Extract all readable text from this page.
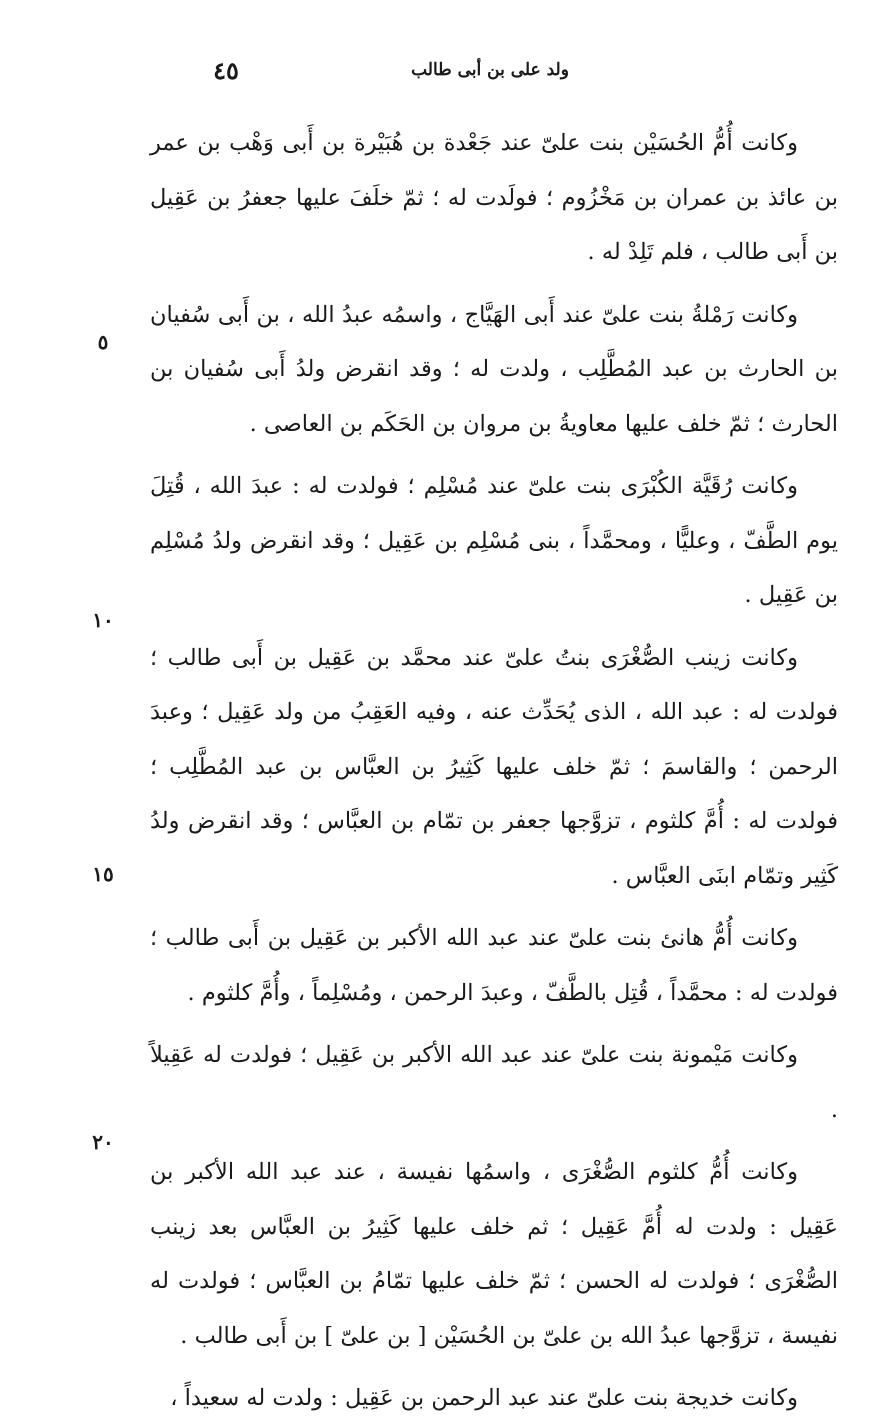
٤٥	ولد على بن أبى طالب
٥
١٠
١٥
٢٠

وكانت أُمُّ الحُسَيْن بنت علىّ عند جَعْدة بن هُبَيْرة بن أَبى وَهْب بن عمر بن عائذ بن عمران بن مَخْزُوم ؛ فولَدت له ؛ ثمّ خلَفَ عليها جعفرُ بن عَقِيل بن أَبى طالب ، فلم تَلِدْ له .

وكانت رَمْلةُ بنت علىّ عند أَبى الهَيَّاج ، واسمُه عبدُ الله ، بن أَبى سُفيان بن الحارث بن عبد المُطَّلِب ، ولدت له ؛ وقد انقرض ولدُ أَبى سُفيان بن الحارث ؛ ثمّ خلف عليها معاويةُ بن مروان بن الحَكَم بن العاصى .

وكانت رُقَيَّة الكُبْرَى بنت علىّ عند مُسْلِم ؛ فولدت له : عبدَ الله ، قُتِلَ يوم الطَّفّ ، وعليًّا ، ومحمَّداً ، بنى مُسْلِم بن عَقِيل ؛ وقد انقرض ولدُ مُسْلِم بن عَقِيل .

وكانت زينب الصُّغْرَى بنتُ علىّ عند محمَّد بن عَقِيل بن أَبى طالب ؛ فولدت له : عبد الله ، الذى يُحَدِّث عنه ، وفيه العَقِبُ من ولد عَقِيل ؛ وعبدَ الرحمن ؛ والقاسمَ ؛ ثمّ خلف عليها كَثِيرُ بن العبَّاس بن عبد المُطَّلِب ؛ فولدت له : أُمَّ كلثوم ، تزوَّجها جعفر بن تمّام بن العبَّاس ؛ وقد انقرض ولدُ كَثِير وتمّام ابنَى العبَّاس .

وكانت أُمُّ هانئ بنت علىّ عند عبد الله الأكبر بن عَقِيل بن أَبى طالب ؛ فولدت له : محمَّداً ، قُتِل بالطَّفّ ، وعبدَ الرحمن ، ومُسْلِماً ، وأُمَّ كلثوم .

وكانت مَيْمونة بنت علىّ عند عبد الله الأكبر بن عَقِيل ؛ فولدت له عَقِيلاً .

وكانت أُمُّ كلثوم الصُّغْرَى ، واسمُها نفيسة ، عند عبد الله الأكبر بن عَقِيل : ولدت له أُمَّ عَقِيل ؛ ثم خلف عليها كَثِيرُ بن العبَّاس بعد زينب الصُّغْرَى ؛ فولدت له الحسن ؛ ثمّ خلف عليها تمّامُ بن العبَّاس ؛ فولدت له نفيسة ، تزوَّجها عبدُ الله بن علىّ بن الحُسَيْن [ بن علىّ ] بن أَبى طالب .

وكانت خديجة بنت علىّ عند عبد الرحمن بن عَقِيل : ولدت له سعيداً ،
